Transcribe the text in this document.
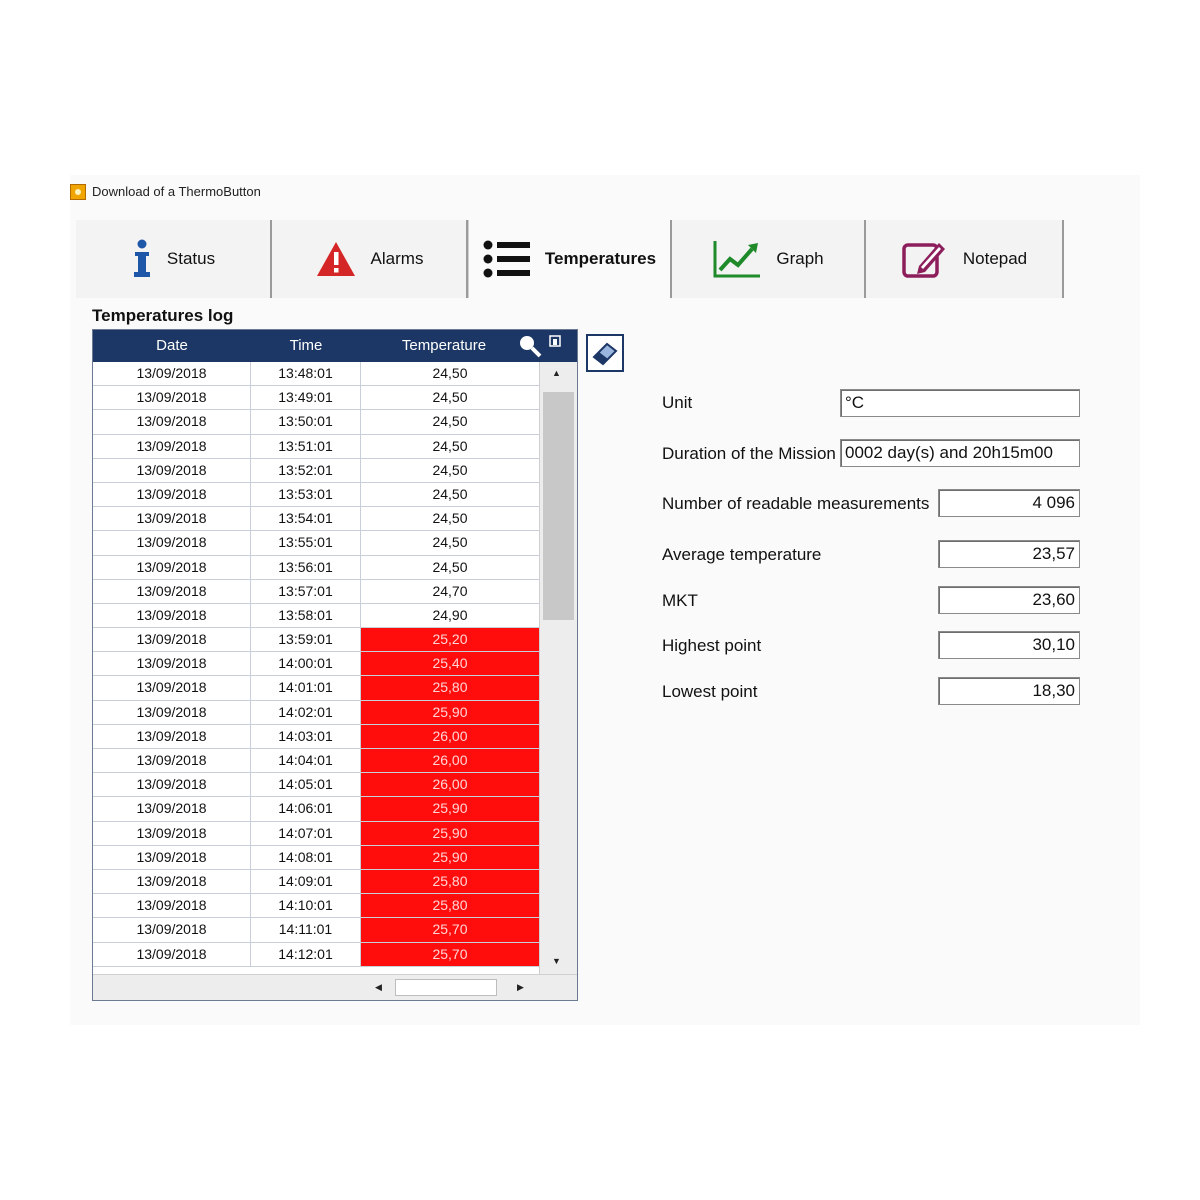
Download of a ThermoButton
Status	Alarms	Temperatures	Graph	Notepad
Temperatures log
Date	Time	Temperature
13/09/2018	13:48:01	24,50
13/09/2018	13:49:01	24,50
13/09/2018	13:50:01	24,50
13/09/2018	13:51:01	24,50
13/09/2018	13:52:01	24,50
13/09/2018	13:53:01	24,50
13/09/2018	13:54:01	24,50
13/09/2018	13:55:01	24,50
13/09/2018	13:56:01	24,50
13/09/2018	13:57:01	24,70
13/09/2018	13:58:01	24,90
13/09/2018	13:59:01	25,20
13/09/2018	14:00:01	25,40
13/09/2018	14:01:01	25,80
13/09/2018	14:02:01	25,90
13/09/2018	14:03:01	26,00
13/09/2018	14:04:01	26,00
13/09/2018	14:05:01	26,00
13/09/2018	14:06:01	25,90
13/09/2018	14:07:01	25,90
13/09/2018	14:08:01	25,90
13/09/2018	14:09:01	25,80
13/09/2018	14:10:01	25,80
13/09/2018	14:11:01	25,70
13/09/2018	14:12:01	25,70
▲
▼
◀	▶
Unit	°C
Duration of the Mission 0002 day(s) and 20h15m00
Number of readable measurements	4 096
Average temperature	23,57
MKT	23,60
Highest point	30,10
Lowest point	18,30
